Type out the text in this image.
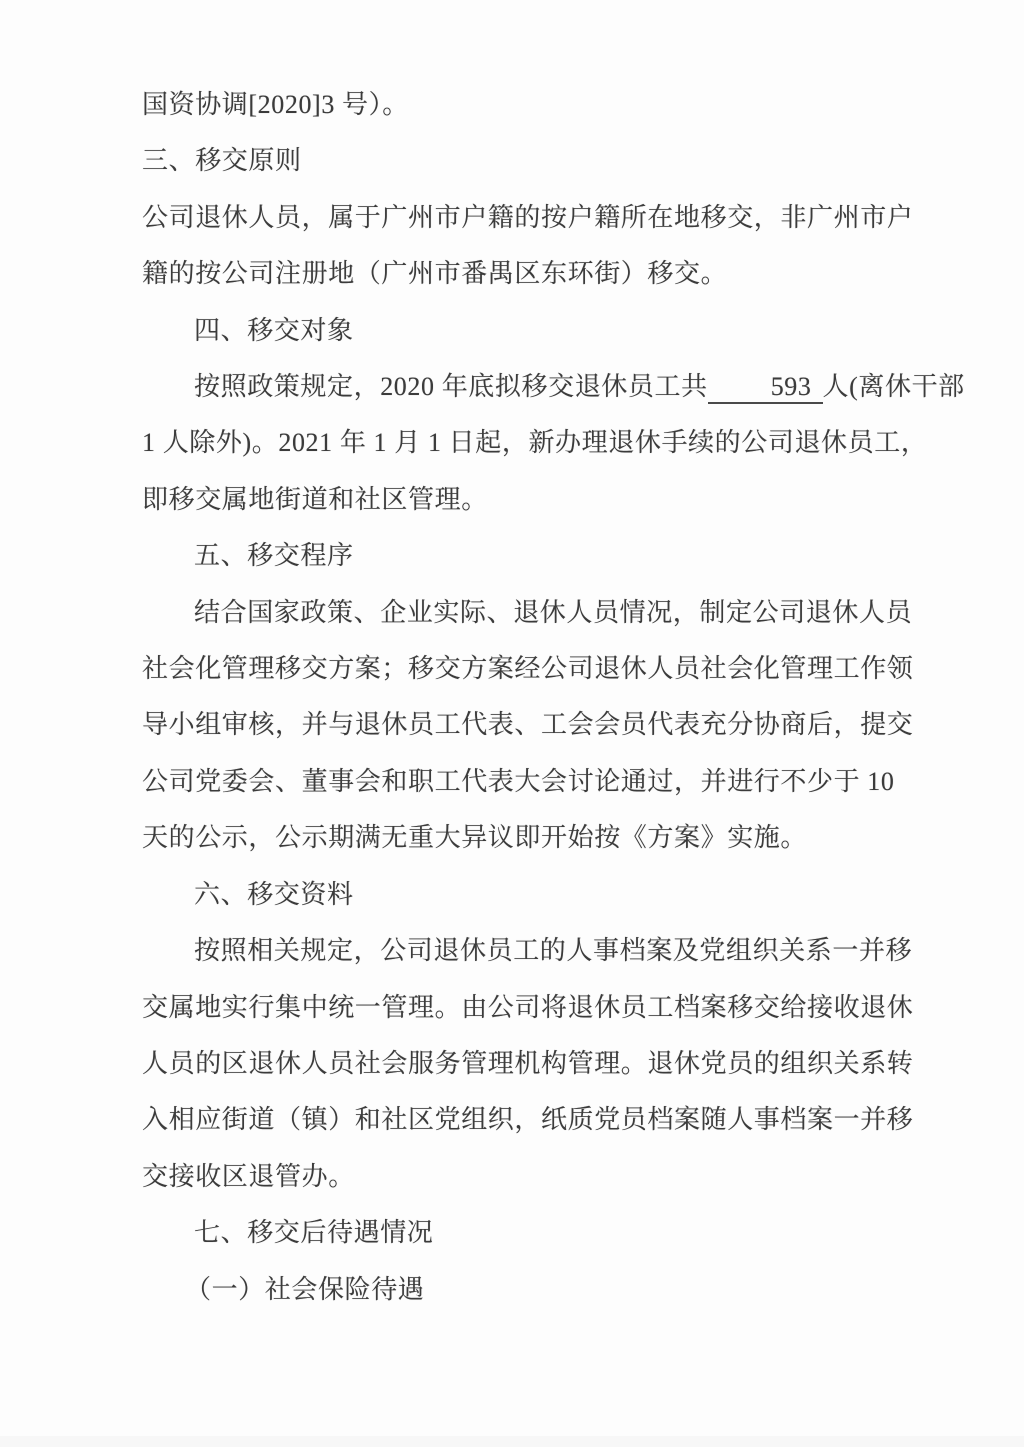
国资协调[2020]3 号）。
三、移交原则
公司退休人员，属于广州市户籍的按户籍所在地移交，非广州市户
籍的按公司注册地（广州市番禺区东环街）移交。
四、移交对象
按照政策规定，2020 年底拟移交退休员工共 593 人(离休干部
1 人除外)。2021 年 1 月 1 日起，新办理退休手续的公司退休员工，
即移交属地街道和社区管理。
五、移交程序
结合国家政策、企业实际、退休人员情况，制定公司退休人员
社会化管理移交方案；移交方案经公司退休人员社会化管理工作领
导小组审核，并与退休员工代表、工会会员代表充分协商后，提交
公司党委会、董事会和职工代表大会讨论通过，并进行不少于 10
天的公示，公示期满无重大异议即开始按《方案》实施。
六、移交资料
按照相关规定，公司退休员工的人事档案及党组织关系一并移
交属地实行集中统一管理。由公司将退休员工档案移交给接收退休
人员的区退休人员社会服务管理机构管理。退休党员的组织关系转
入相应街道（镇）和社区党组织，纸质党员档案随人事档案一并移
交接收区退管办。
七、移交后待遇情况
（一）社会保险待遇
